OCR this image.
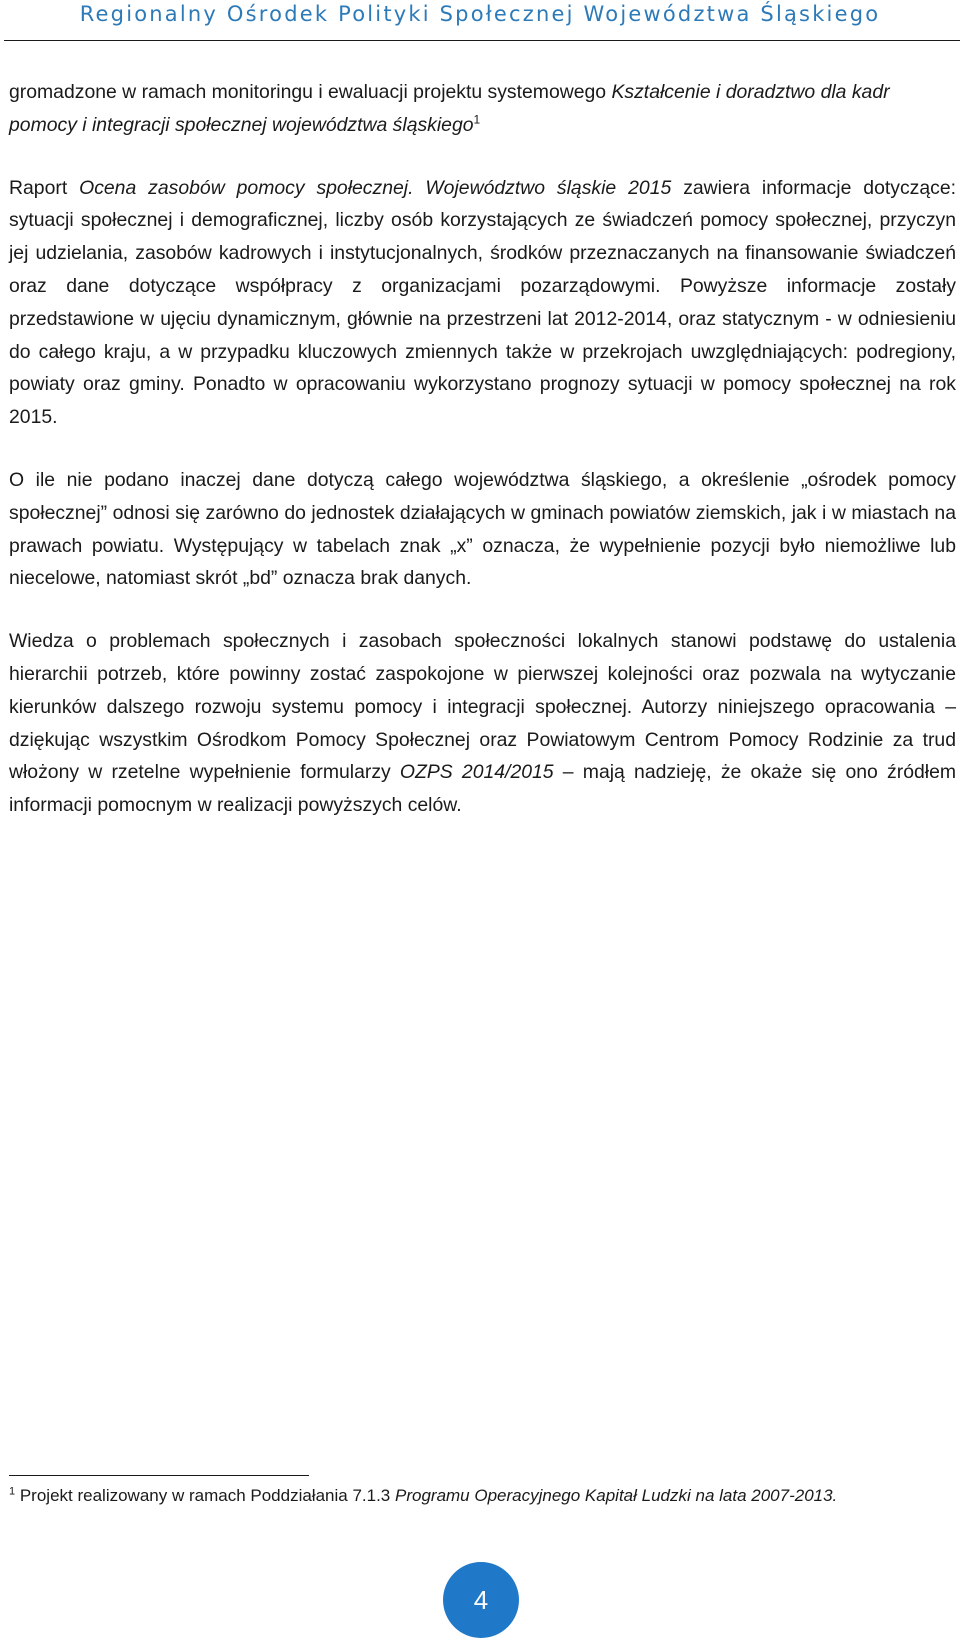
Regionalny Ośrodek Polityki Społecznej Województwa Śląskiego

gromadzone w ramach monitoringu i ewaluacji projektu systemowego Kształcenie i doradztwo dla kadr pomocy i integracji społecznej województwa śląskiego$^1$

Raport Ocena zasobów pomocy społecznej. Województwo śląskie 2015 zawiera informacje dotyczące: sytuacji społecznej i demograficznej, liczby osób korzystających ze świadczeń pomocy społecznej, przyczyn jej udzielania, zasobów kadrowych i instytucjonalnych, środków przeznaczanych na finansowanie świadczeń oraz dane dotyczące współpracy z organizacjami pozarządowymi. Powyższe informacje zostały przedstawione w ujęciu dynamicznym, głównie na przestrzeni lat 2012-2014, oraz statycznym - w odniesieniu do całego kraju, a w przypadku kluczowych zmiennych także w przekrojach uwzględniających: podregiony, powiaty oraz gminy. Ponadto w opracowaniu wykorzystano prognozy sytuacji w pomocy społecznej na rok 2015.

O ile nie podano inaczej dane dotyczą całego województwa śląskiego, a określenie „ośrodek pomocy społecznej” odnosi się zarówno do jednostek działających w gminach powiatów ziemskich, jak i w miastach na prawach powiatu. Występujący w tabelach znak „x” oznacza, że wypełnienie pozycji było niemożliwe lub niecelowe, natomiast skrót „bd” oznacza brak danych.

Wiedza o problemach społecznych i zasobach społeczności lokalnych stanowi podstawę do ustalenia hierarchii potrzeb, które powinny zostać zaspokojone w pierwszej kolejności oraz pozwala na wytyczanie kierunków dalszego rozwoju systemu pomocy i integracji społecznej. Autorzy niniejszego opracowania – dziękując wszystkim Ośrodkom Pomocy Społecznej oraz Powiatowym Centrom Pomocy Rodzinie za trud włożony w rzetelne wypełnienie formularzy OZPS 2014/2015 – mają nadzieję, że okaże się ono źródłem informacji pomocnym w realizacji powyższych celów.

$^1$ Projekt realizowany w ramach Poddziałania 7.1.3 Programu Operacyjnego Kapitał Ludzki na lata 2007-2013.
4
